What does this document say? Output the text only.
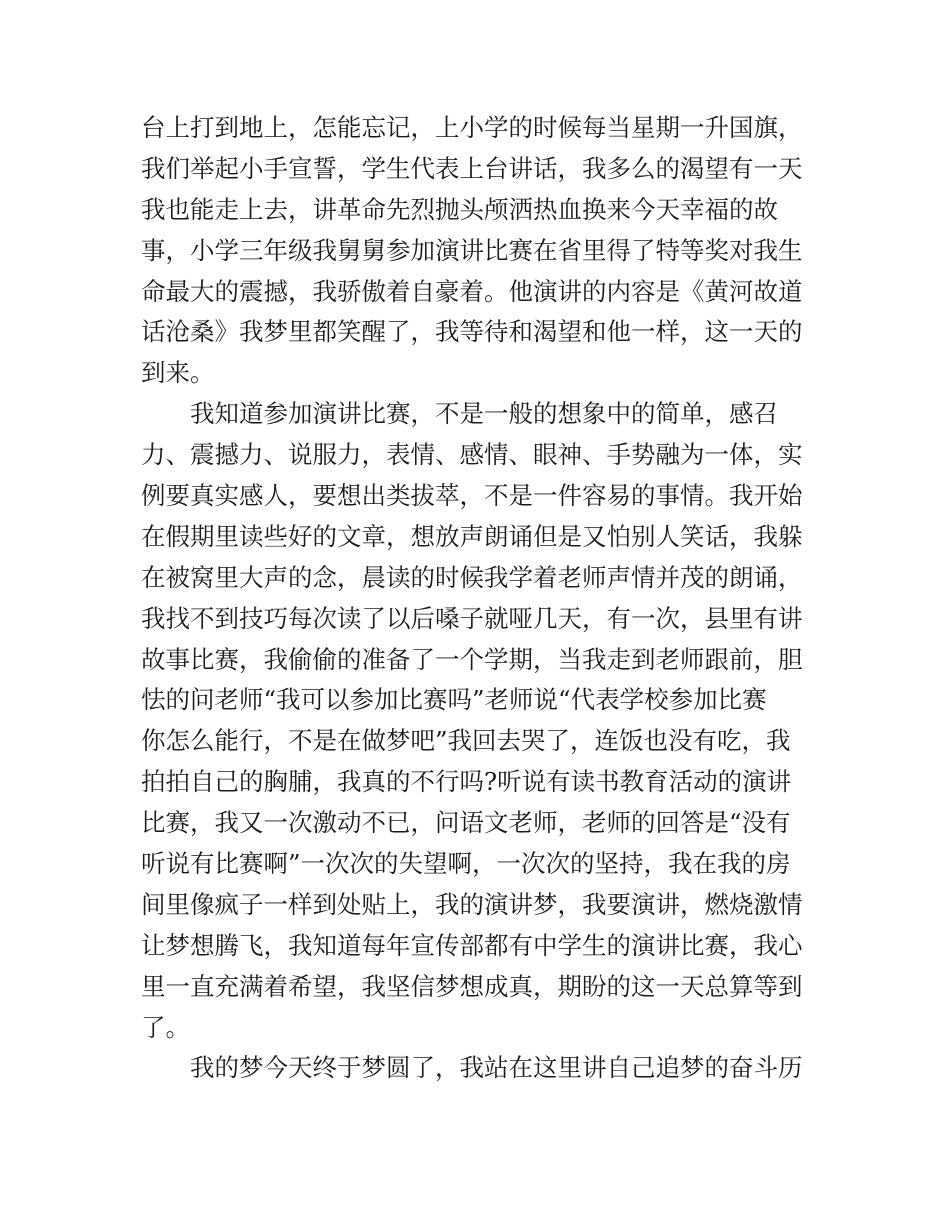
台上打到地上，怎能忘记，上小学的时候每当星期一升国旗，
我们举起小手宣誓，学生代表上台讲话，我多么的渴望有一天
我也能走上去，讲革命先烈抛头颅洒热血换来今天幸福的故
事，小学三年级我舅舅参加演讲比赛在省里得了特等奖对我生
命最大的震撼，我骄傲着自豪着。他演讲的内容是《黄河故道
话沧桑》我梦里都笑醒了，我等待和渴望和他一样，这一天的
到来。
我知道参加演讲比赛，不是一般的想象中的简单，感召
力、震撼力、说服力，表情、感情、眼神、手势融为一体，实
例要真实感人，要想出类拔萃，不是一件容易的事情。我开始
在假期里读些好的文章，想放声朗诵但是又怕别人笑话，我躲
在被窝里大声的念，晨读的时候我学着老师声情并茂的朗诵，
我找不到技巧每次读了以后嗓子就哑几天，有一次，县里有讲
故事比赛，我偷偷的准备了一个学期，当我走到老师跟前，胆
怯的问老师“我可以参加比赛吗”老师说“代表学校参加比赛
你怎么能行，不是在做梦吧”我回去哭了，连饭也没有吃，我
拍拍自己的胸脯，我真的不行吗?听说有读书教育活动的演讲
比赛，我又一次激动不已，问语文老师，老师的回答是“没有
听说有比赛啊”一次次的失望啊，一次次的坚持，我在我的房
间里像疯子一样到处贴上，我的演讲梦，我要演讲，燃烧激情
让梦想腾飞，我知道每年宣传部都有中学生的演讲比赛，我心
里一直充满着希望，我坚信梦想成真，期盼的这一天总算等到
了。
我的梦今天终于梦圆了，我站在这里讲自己追梦的奋斗历
